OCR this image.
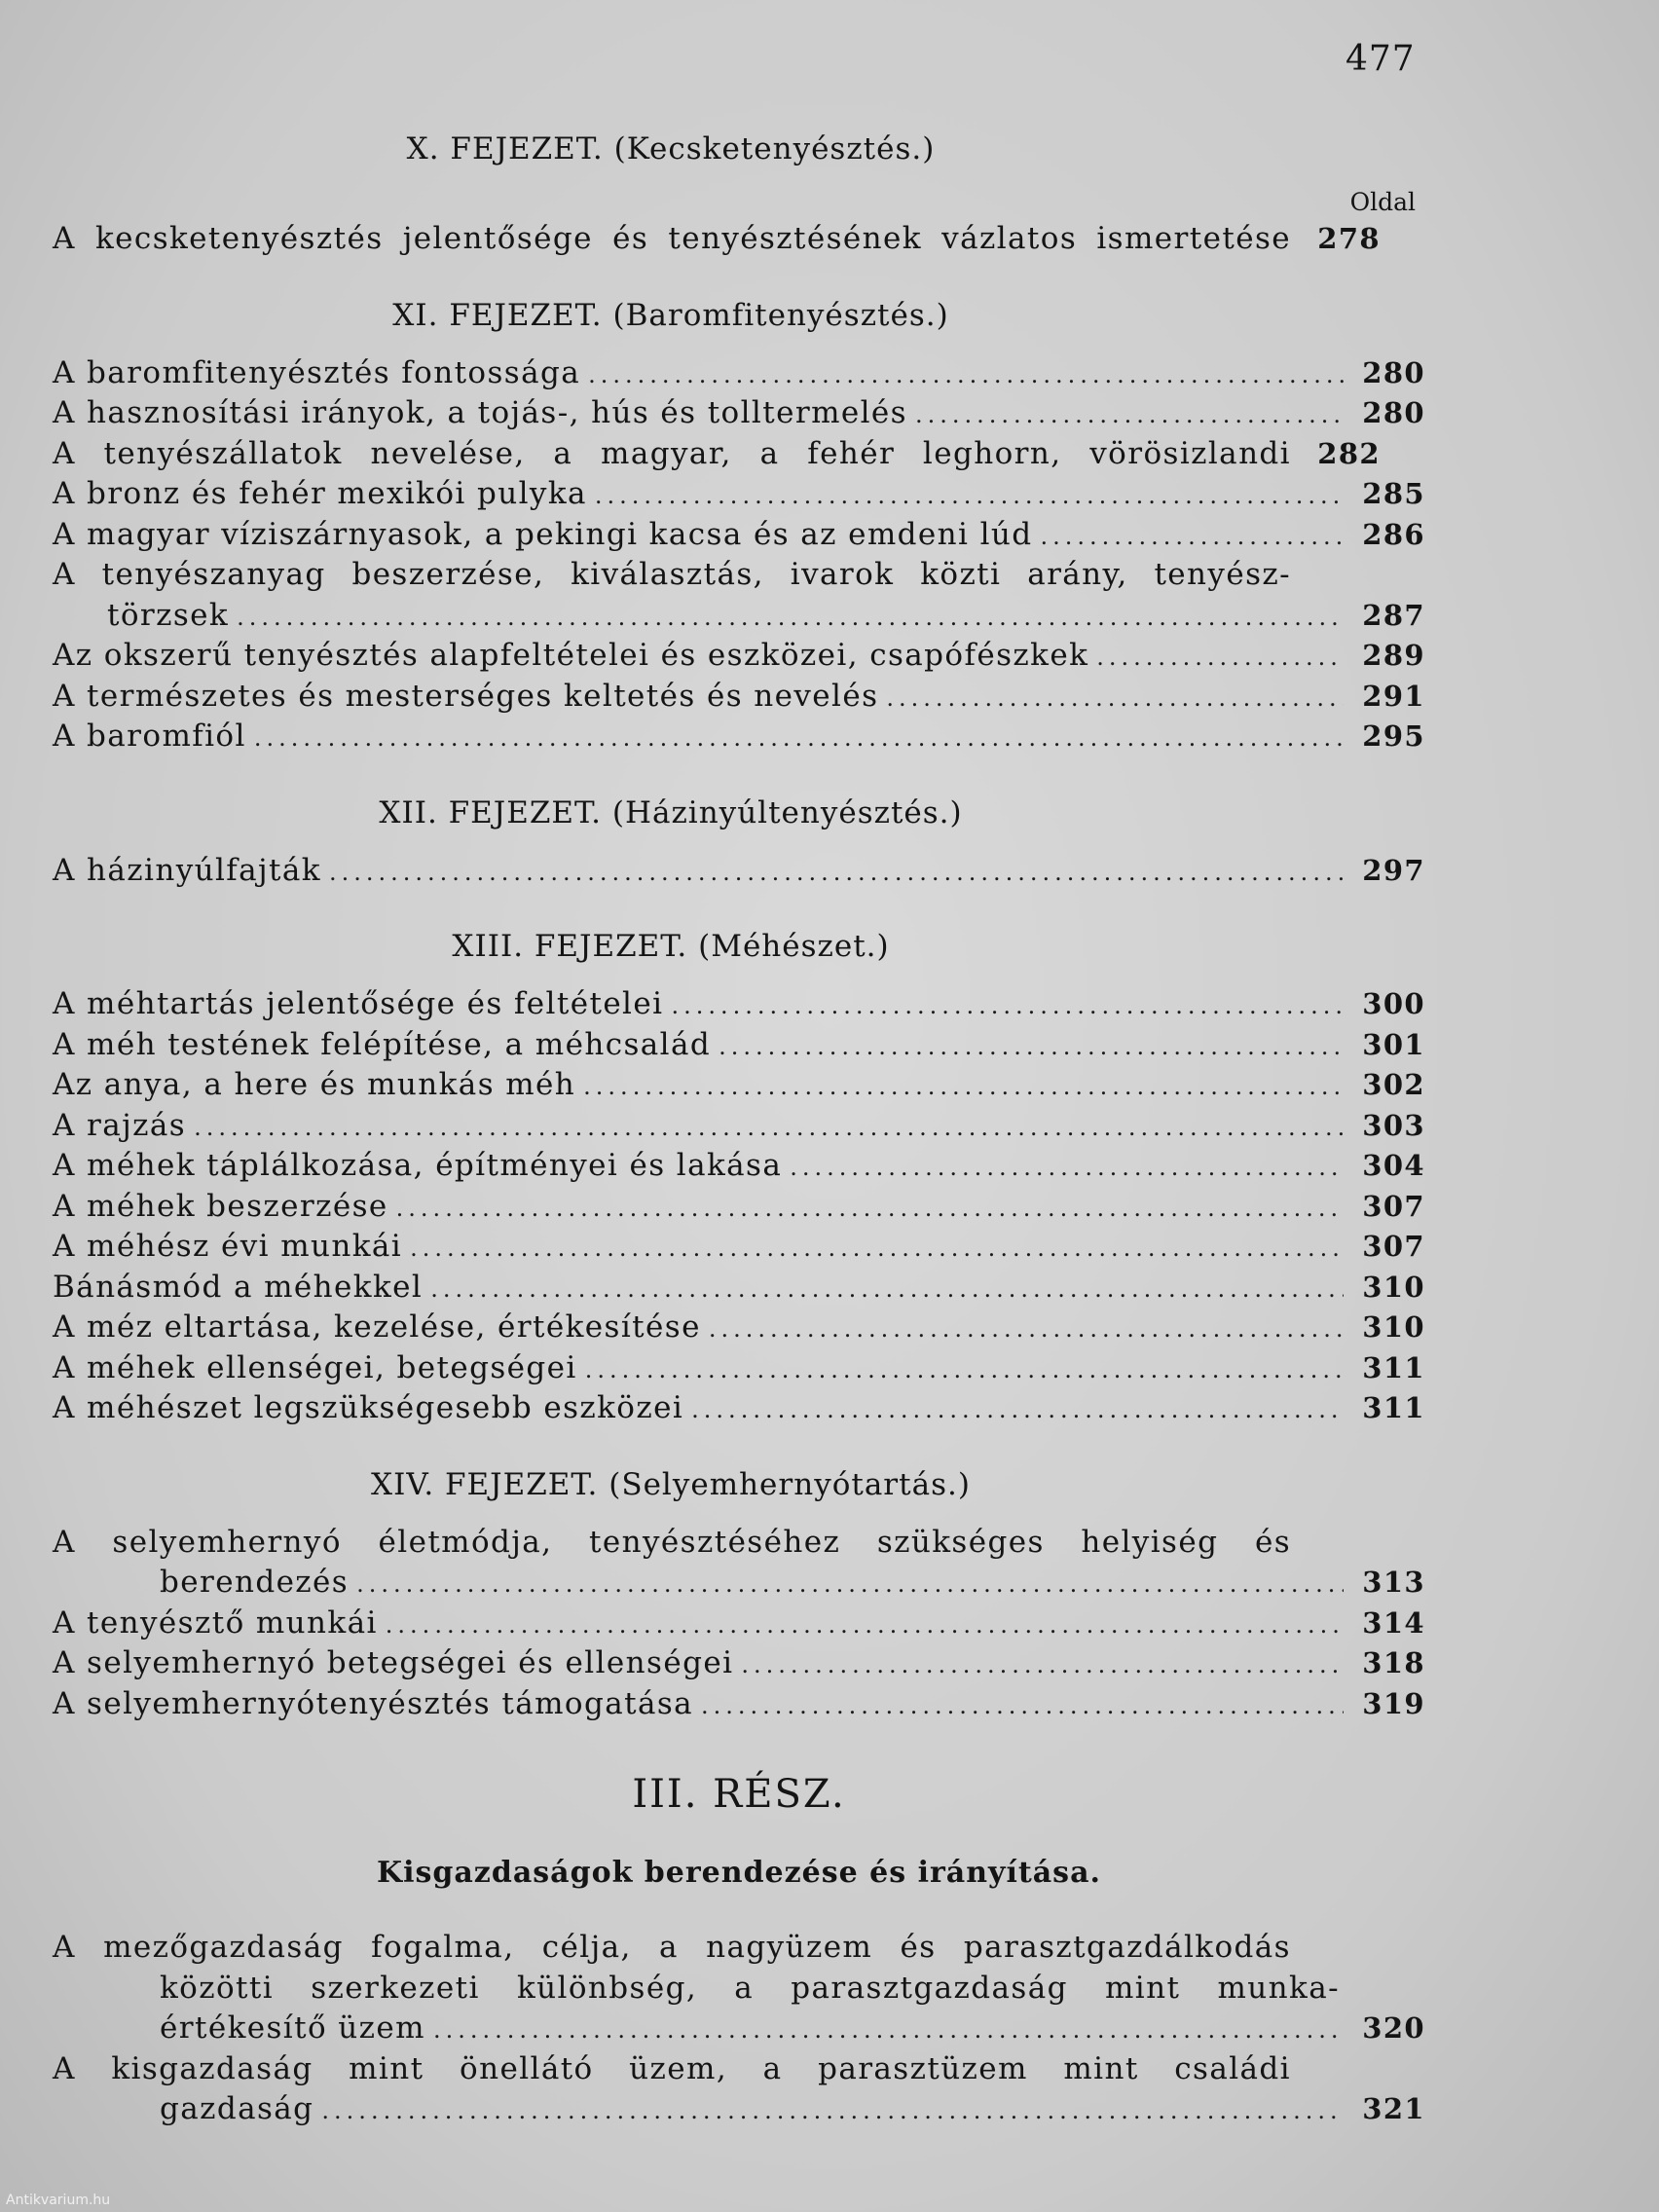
477
X. FEJEZET. (Kecsketenyésztés.)
Oldal
A kecsketenyésztés jelentősége és tenyésztésének vázlatos ismertetése 278
XI. FEJEZET. (Baromfitenyésztés.)
A baromfitenyésztés fontossága .....	280
A hasznosítási irányok, a tojás-, hús és tolltermelés .....	280
A tenyészállatok nevelése, a magyar, a fehér leghorn, vörösizlandi 282
A bronz és fehér mexikói pulyka .....	285
A magyar víziszárnyasok, a pekingi kacsa és az emdeni lúd .....	286
A tenyészanyag beszerzése, kiválasztás, ivarok közti arány, tenyész-
törzsek .....	287
Az okszerű tenyésztés alapfeltételei és eszközei, csapófészkek .....	289
A természetes és mesterséges keltetés és nevelés .....	291
A baromfiól .....	295
XII. FEJEZET. (Házinyúltenyésztés.)
A házinyúlfajták .....	297
XIII. FEJEZET. (Méhészet.)
A méhtartás jelentősége és feltételei .....	300
A méh testének felépítése, a méhcsalád .....	301
Az anya, a here és munkás méh .....	302
A rajzás .....	303
A méhek táplálkozása, építményei és lakása .....	304
A méhek beszerzése .....	307
A méhész évi munkái .....	307
Bánásmód a méhekkel .....	310
A méz eltartása, kezelése, értékesítése .....	310
A méhek ellenségei, betegségei .....	311
A méhészet legszükségesebb eszközei .....	311
XIV. FEJEZET. (Selyemhernyótartás.)
A selyemhernyó életmódja, tenyésztéséhez szükséges helyiség és
berendezés .....	313
A tenyésztő munkái .....	314
A selyemhernyó betegségei és ellenségei .....	318
A selyemhernyótenyésztés támogatása .....	319
III. RÉSZ.
Kisgazdaságok berendezése és irányítása.
A mezőgazdaság fogalma, célja, a nagyüzem és parasztgazdálkodás
közötti szerkezeti különbség, a parasztgazdaság mint munka-
értékesítő üzem .....	320
A kisgazdaság mint önellátó üzem, a parasztüzem mint családi
gazdaság .....	321
Antikvarium.hu
